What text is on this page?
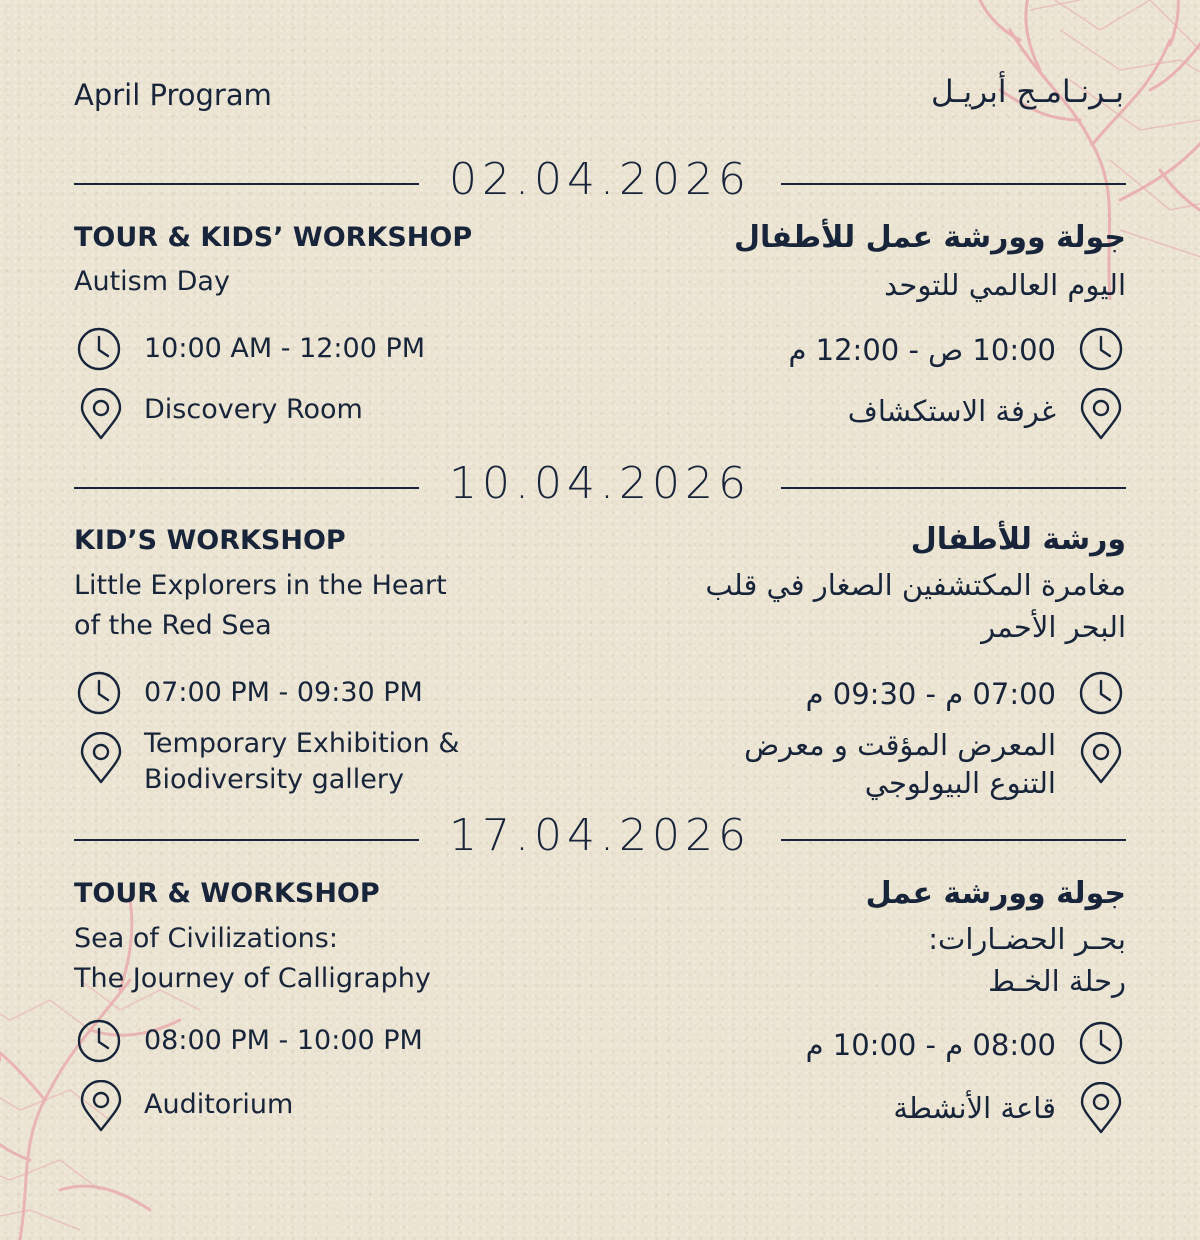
April Program	بـرنـامـج أبريـل
02.04.2026
TOUR & KIDS’ WORKSHOP
Autism Day
جولة وورشة عمل للأطفال
اليوم العالمي للتوحد
10:00 AM - 12:00 PM	10:00 ص - 12:00 م
Discovery Room	غرفة الاستكشاف
10.04.2026
KID’S WORKSHOP
Little Explorers in the Heart
of the Red Sea
ورشة للأطفال
مغامرة المكتشفين الصغار في قلب
البحر الأحمر
07:00 PM - 09:30 PM	07:00 م - 09:30 م
Temporary Exhibition &
Biodiversity gallery
المعرض المؤقت و معرض
التنوع البيولوجي
17.04.2026
TOUR & WORKSHOP
Sea of Civilizations:
The Journey of Calligraphy
جولة وورشة عمل
بحـر الحضـارات:
رحلة الخـط
08:00 PM - 10:00 PM	08:00 م - 10:00 م
Auditorium	قاعة الأنشطة
